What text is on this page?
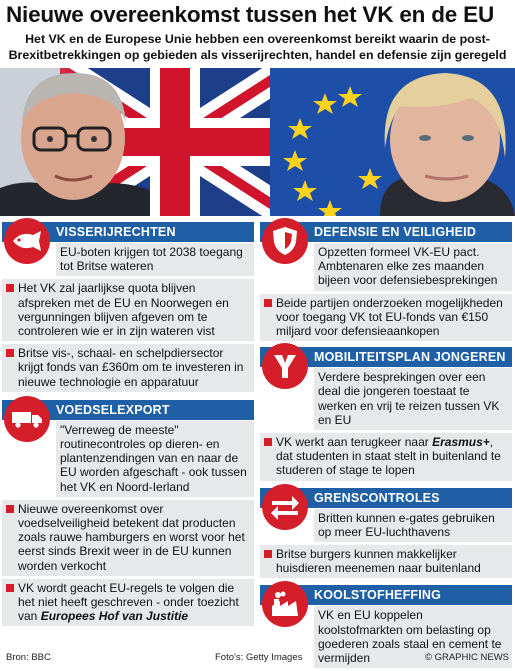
Nieuwe overeenkomst tussen het VK en de EU
Het VK en de Europese Unie hebben een overeenkomst bereikt waarin de post-Brexitbetrekkingen op gebieden als visserijrechten, handel en defensie zijn geregeld
VISSERIJRECHTEN
EU-boten krijgen tot 2038 toegang tot Britse wateren
Het VK zal jaarlijkse quota blijven afspreken met de EU en Noorwegen en vergunningen blijven afgeven om te controleren wie er in zijn wateren vist
Britse vis-, schaal- en schelpdiersector krijgt fonds van £360m om te investeren in nieuwe technologie en apparatuur
VOEDSELEXPORT
"Verreweg de meeste" routinecontroles op dieren- en plantenzendingen van en naar de EU worden afgeschaft - ook tussen het VK en Noord-Ierland
Nieuwe overeenkomst over voedselveiligheid betekent dat producten zoals rauwe hamburgers en worst voor het eerst sinds Brexit weer in de EU kunnen worden verkocht
VK wordt geacht EU-regels te volgen die het niet heeft geschreven - onder toezicht van Europees Hof van Justitie
DEFENSIE EN VEILIGHEID
Opzetten formeel VK-EU pact. Ambtenaren elke zes maanden bijeen voor defensiebesprekingen
Beide partijen onderzoeken mogelijkheden voor toegang VK tot EU-fonds van €150 miljard voor defensieaankopen
MOBILITEITSPLAN JONGEREN
Verdere besprekingen over een deal die jongeren toestaat te werken en vrij te reizen tussen VK en EU
VK werkt aan terugkeer naar Erasmus+, dat studenten in staat stelt in buitenland te studeren of stage te lopen
GRENSCONTROLES
Britten kunnen e-gates gebruiken op meer EU-luchthavens
Britse burgers kunnen makkelijker huisdieren meenemen naar buitenland
KOOLSTOFHEFFING
VK en EU koppelen koolstofmarkten om belasting op goederen zoals staal en cement te vermijden
Bron: BBC	Foto's: Getty Images	© GRAPHIC NEWS
